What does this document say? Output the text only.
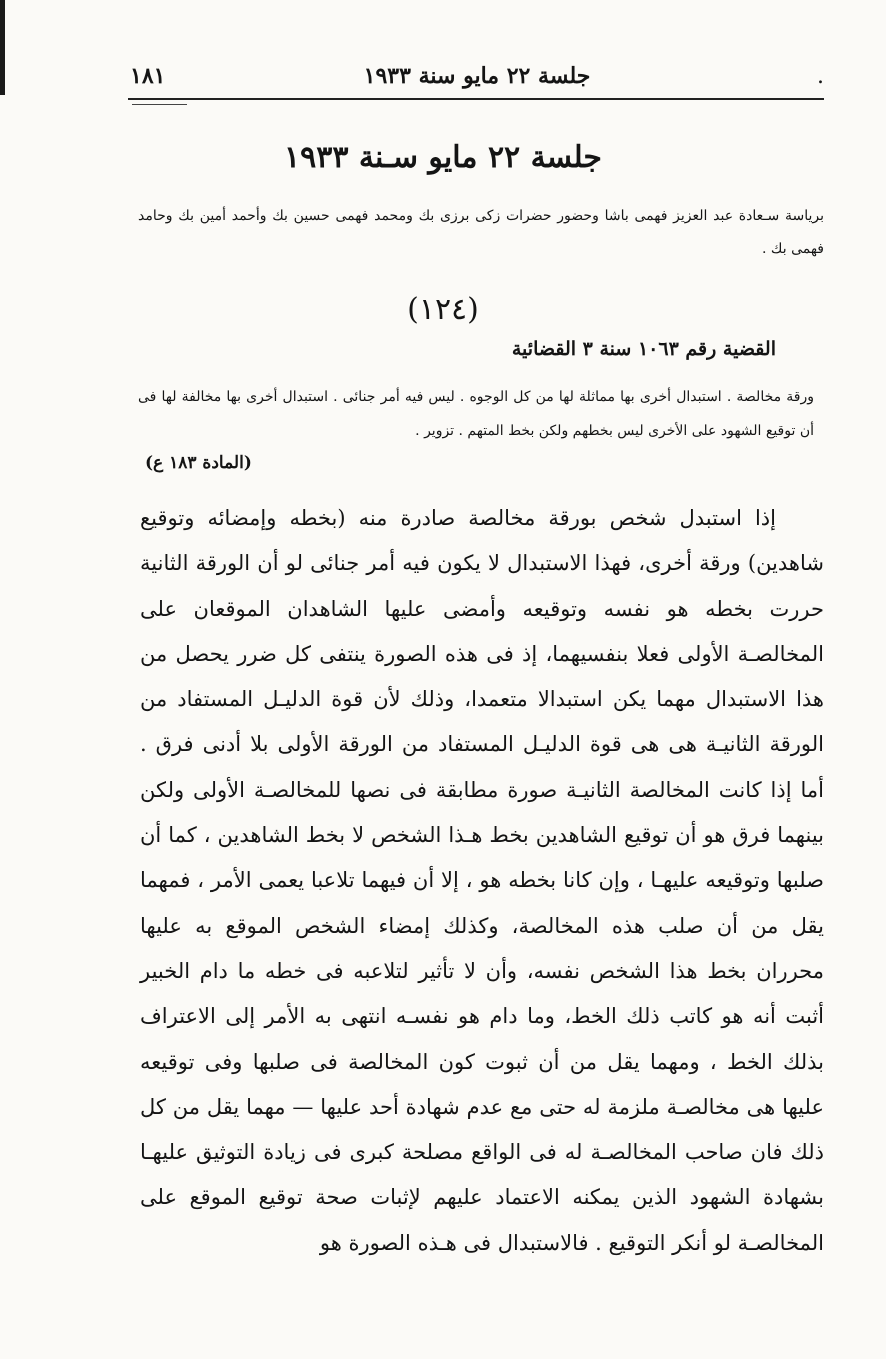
.
جلسة ٢٢ مايو سنة ١٩٣٣
١٨١
جلسة ٢٢ مايو سـنة ١٩٣٣
برياسة سـعادة عبد العزيز فهمى باشا وحضور حضرات زكى برزى بك ومحمد فهمى حسين بك وأحمد أمين بك وحامد فهمى بك .
(١٢٤)
القضية رقم ١٠٦٣ سنة ٣ القضائية
ورقة مخالصة . استبدال أخرى بها مماثلة لها من كل الوجوه . ليس فيه أمر جنائى . استبدال أخرى بها مخالفة لها فى أن توقيع الشهود على الأخرى ليس بخطهم ولكن بخط المتهم . تزوير .
(المادة ١٨٣ ع)
إذا استبدل شخص بورقة مخالصة صادرة منه (بخطه وإمضائه وتوقيع شاهدين) ورقة أخرى، فهذا الاستبدال لا يكون فيه أمر جنائى لو أن الورقة الثانية حررت بخطه هو نفسه وتوقيعه وأمضى عليها الشاهدان الموقعان على المخالصـة الأولى فعلا بنفسيهما، إذ فى هذه الصورة ينتفى كل ضرر يحصل من هذا الاستبدال مهما يكن استبدالا متعمدا، وذلك لأن قوة الدليـل المستفاد من الورقة الثانيـة هى هى قوة الدليـل المستفاد من الورقة الأولى بلا أدنى فرق . أما إذا كانت المخالصة الثانيـة صورة مطابقة فى نصها للمخالصـة الأولى ولكن بينهما فرق هو أن توقيع الشاهدين بخط هـذا الشخص لا بخط الشاهدين ، كما أن صلبها وتوقيعه عليهـا ، وإن كانا بخطه هو ، إلا أن فيهما تلاعبا يعمى الأمر ، فمهما يقل من أن صلب هذه المخالصة، وكذلك إمضاء الشخص الموقع به عليها محرران بخط هذا الشخص نفسه، وأن لا تأثير لتلاعبه فى خطه ما دام الخبير أثبت أنه هو كاتب ذلك الخط، وما دام هو نفسـه انتهى به الأمر إلى الاعتراف بذلك الخط ، ومهما يقل من أن ثبوت كون المخالصة فى صلبها وفى توقيعه عليها هى مخالصـة ملزمة له حتى مع عدم شهادة أحد عليها — مهما يقل من كل ذلك فان صاحب المخالصـة له فى الواقع مصلحة كبرى فى زيادة التوثيق عليهـا بشهادة الشهود الذين يمكنه الاعتماد عليهم لإثبات صحة توقيع الموقع على المخالصـة لو أنكر التوقيع . فالاستبدال فى هـذه الصورة هو
